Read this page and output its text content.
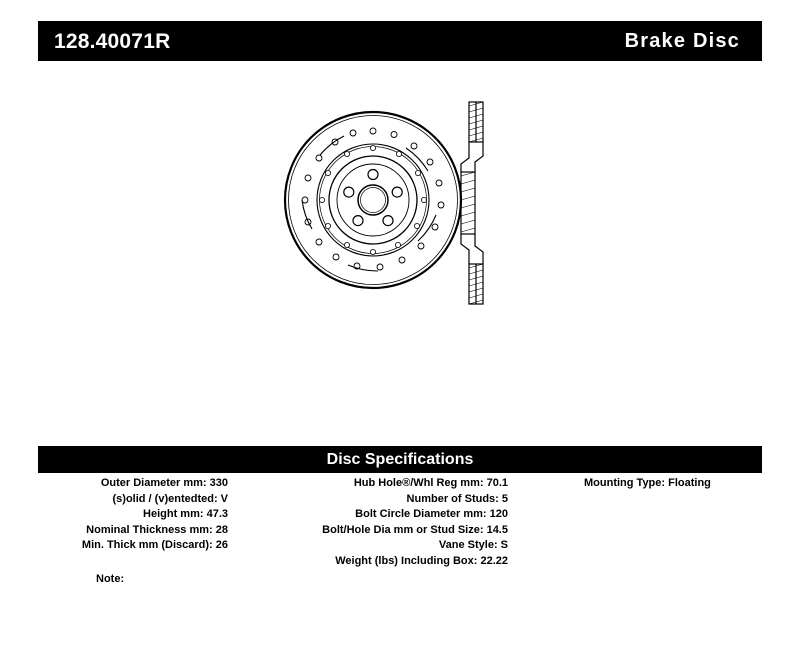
128.40071R	Brake Disc
Disc Specifications
Outer Diameter mm: 330
(s)olid / (v)entedted: V
Height mm: 47.3
Nominal Thickness mm: 28
Min. Thick mm (Discard): 26
Hub Hole®/Whl Reg mm: 70.1
Number of Studs: 5
Bolt Circle Diameter mm: 120
Bolt/Hole Dia mm or Stud Size: 14.5
Vane Style: S
Weight (lbs) Including Box: 22.22
Mounting Type: Floating
Note:
